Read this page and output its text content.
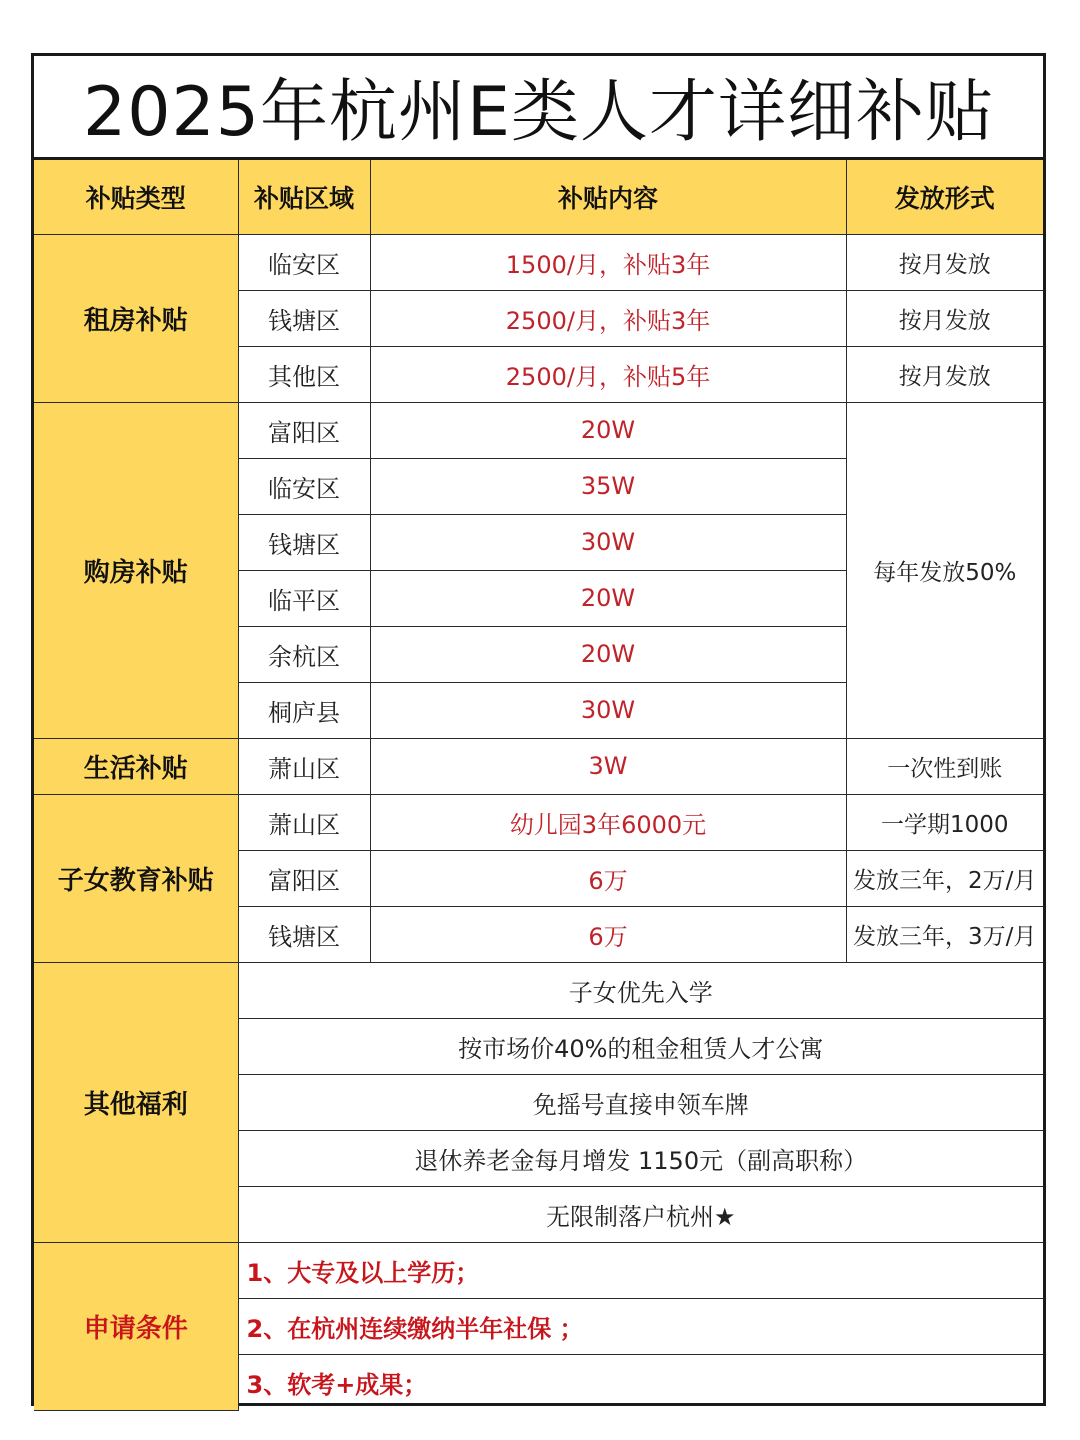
2025年杭州E类人才详细补贴
补贴类型	补贴区域	补贴内容	发放形式
租房补贴	临安区	1500/月，补贴3年	按月发放
	钱塘区	2500/月，补贴3年	按月发放
	其他区	2500/月，补贴5年	按月发放
购房补贴	富阳区	20W	每年发放50%
	临安区	35W	
	钱塘区	30W	
	临平区	20W	
	余杭区	20W	
	桐庐县	30W	
生活补贴	萧山区	3W	一次性到账
子女教育补贴	萧山区	幼儿园3年6000元	一学期1000
	富阳区	6万	发放三年，2万/月
	钱塘区	6万	发放三年，3万/月
其他福利	子女优先入学		
	按市场价40%的租金租赁人才公寓		
	免摇号直接申领车牌		
	退休养老金每月增发 1150元（副高职称）		
	无限制落户杭州★		
申请条件	1、大专及以上学历；		
	2、在杭州连续缴纳半年社保 ；		
	3、软考+成果；		
